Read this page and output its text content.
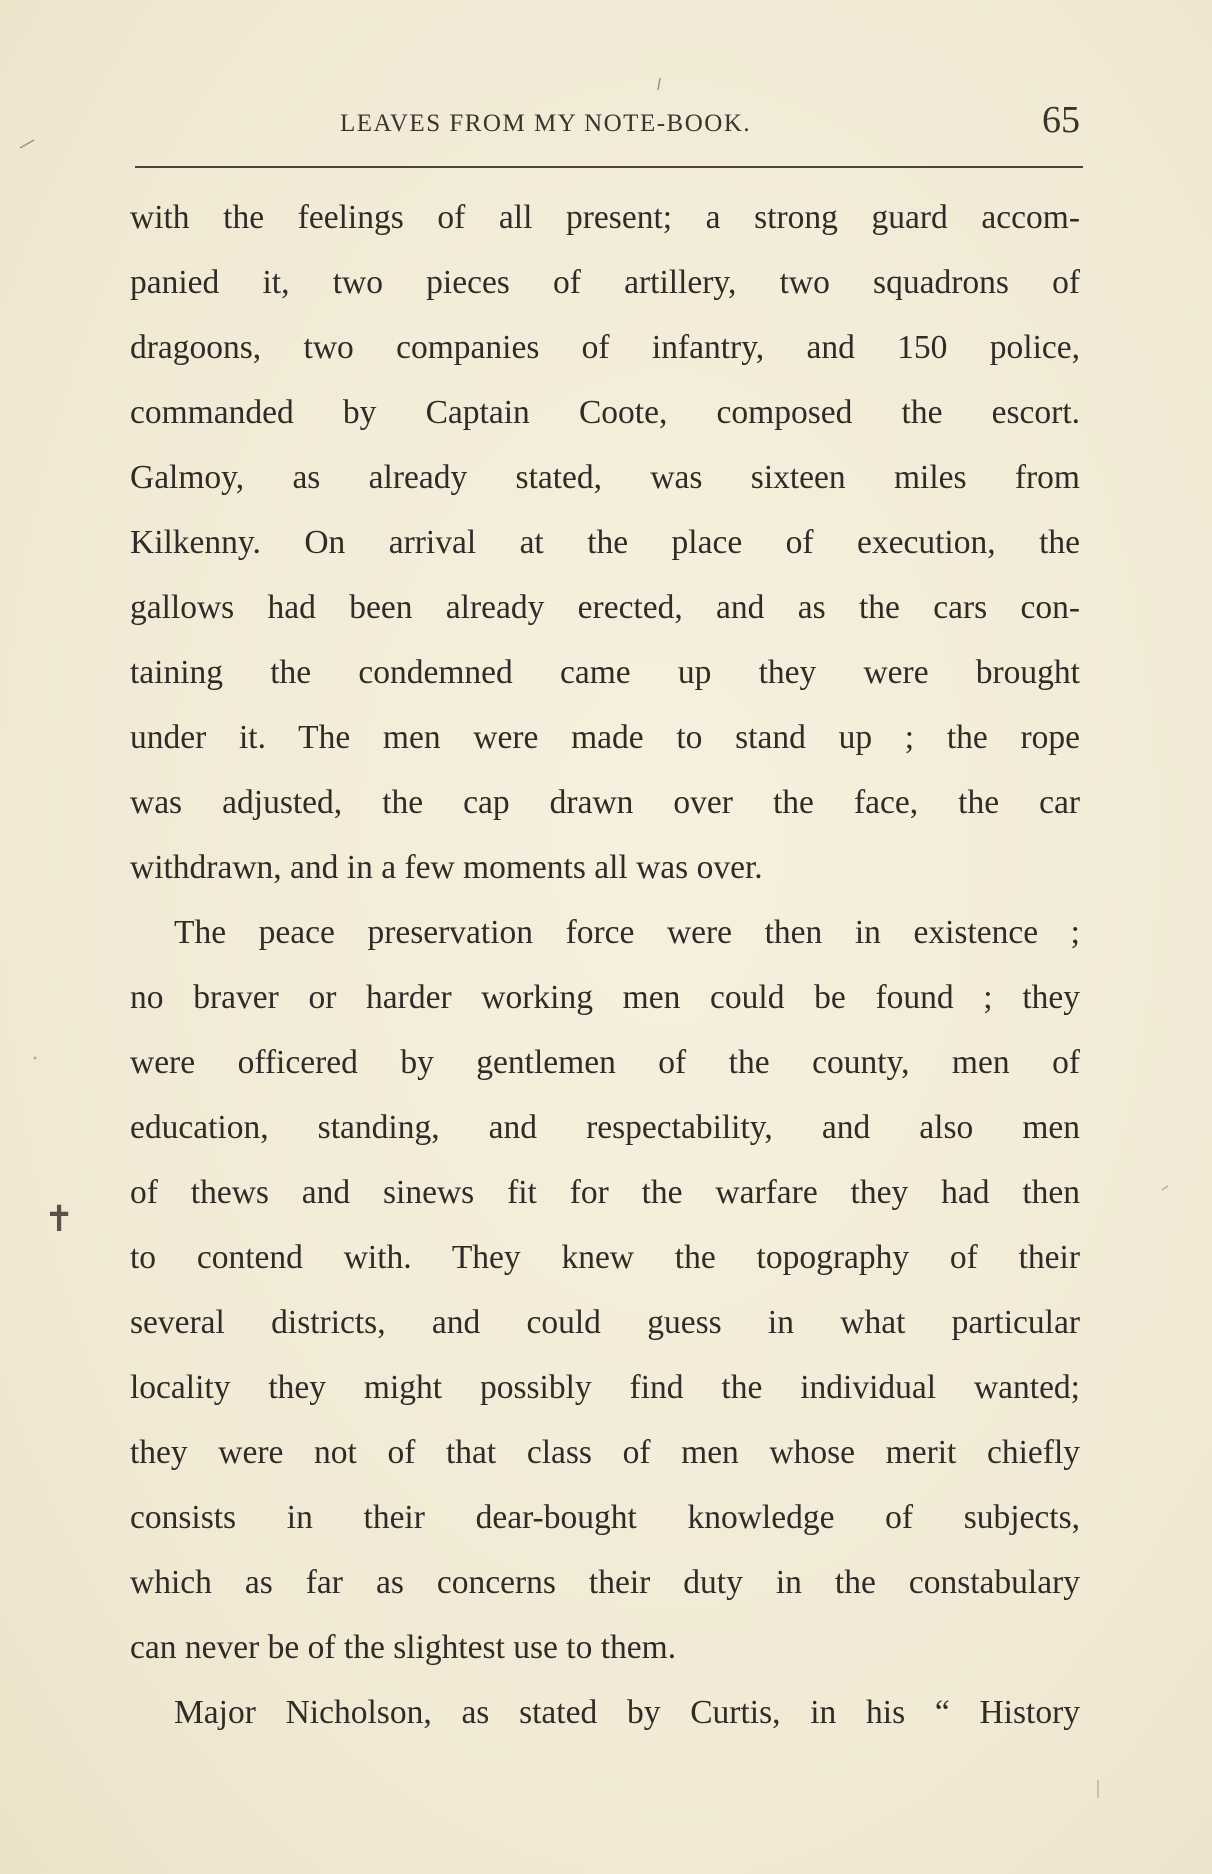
LEAVES FROM MY NOTE-BOOK.	65
✝
with the feelings of all present; a strong guard accom-
panied it, two pieces of artillery, two squadrons of
dragoons, two companies of infantry, and 150 police,
commanded by Captain Coote, composed the escort.
Galmoy, as already stated, was sixteen miles from
Kilkenny. On arrival at the place of execution, the
gallows had been already erected, and as the cars con-
taining the condemned came up they were brought
under it. The men were made to stand up ; the rope
was adjusted, the cap drawn over the face, the car
withdrawn, and in a few moments all was over.
The peace preservation force were then in existence ;
no braver or harder working men could be found ; they
were officered by gentlemen of the county, men of
education, standing, and respectability, and also men
of thews and sinews fit for the warfare they had then
to contend with. They knew the topography of their
several districts, and could guess in what particular
locality they might possibly find the individual wanted;
they were not of that class of men whose merit chiefly
consists in their dear-bought knowledge of subjects,
which as far as concerns their duty in the constabulary
can never be of the slightest use to them.
Major Nicholson, as stated by Curtis, in his “ History
